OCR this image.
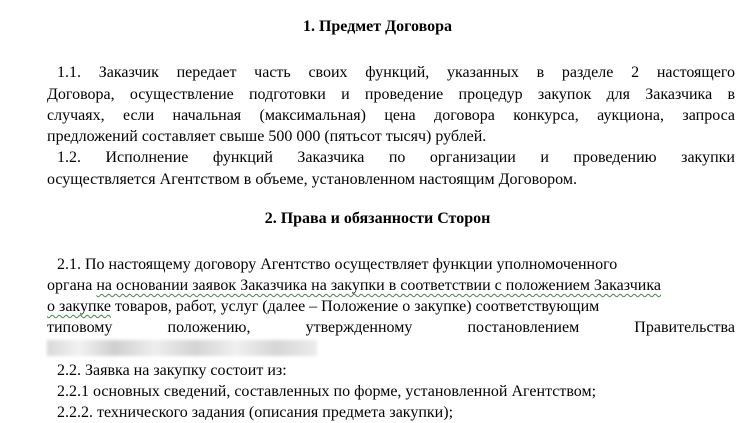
1. Предмет Договора

1.1. Заказчик передает часть своих функций, указанных в разделе 2 настоящего

Договора, осуществление подготовки и проведение процедур закупок для Заказчика в

случаях, если начальная (максимальная) цена договора конкурса, аукциона, запроса

предложений составляет свыше 500 000 (пятьсот тысяч) рублей.

1.2. Исполнение функций Заказчика по организации и проведению закупки

осуществляется Агентством в объеме, установленном настоящим Договором.

2. Права и обязанности Сторон

2.1. По настоящему договору Агентство осуществляет функции уполномоченного

органа на основании заявок Заказчика на закупки в соответствии с положением Заказчика

о закупке товаров, работ, услуг (далее – Положение о закупке) соответствующим

типовому положению, утвержденному постановлением Правительства

2.2. Заявка на закупку состоит из:

2.2.1 основных сведений, составленных по форме, установленной Агентством;

2.2.2. технического задания (описания предмета закупки);
